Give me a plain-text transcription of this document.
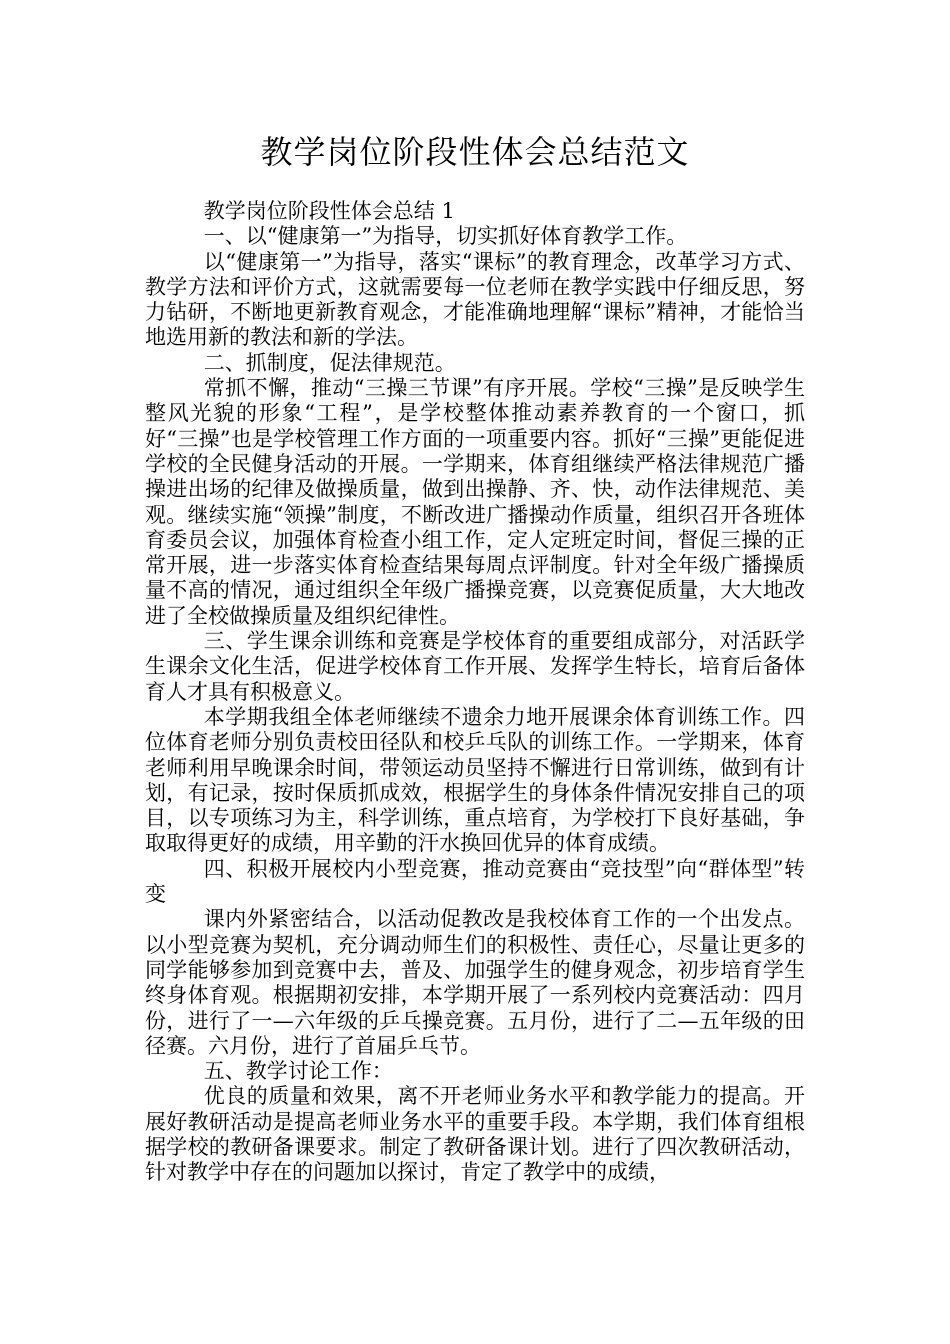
教学岗位阶段性体会总结范文

教学岗位阶段性体会总结 1

一、以“健康第一”为指导，切实抓好体育教学工作。

以“健康第一”为指导，落实“课标”的教育理念，改革学习方式、教学方法和评价方式，这就需要每一位老师在教学实践中仔细反思，努力钻研，不断地更新教育观念，才能准确地理解“课标”精神，才能恰当地选用新的教法和新的学法。

二、抓制度，促法律规范。

常抓不懈，推动“三操三节课”有序开展。学校“三操”是反映学生整风光貌的形象“工程”，是学校整体推动素养教育的一个窗口，抓好“三操”也是学校管理工作方面的一项重要内容。抓好“三操”更能促进学校的全民健身活动的开展。一学期来，体育组继续严格法律规范广播操进出场的纪律及做操质量，做到出操静、齐、快，动作法律规范、美观。继续实施“领操”制度，不断改进广播操动作质量，组织召开各班体育委员会议，加强体育检查小组工作，定人定班定时间，督促三操的正常开展，进一步落实体育检查结果每周点评制度。针对全年级广播操质量不高的情况，通过组织全年级广播操竞赛，以竞赛促质量，大大地改进了全校做操质量及组织纪律性。

三、学生课余训练和竞赛是学校体育的重要组成部分，对活跃学生课余文化生活，促进学校体育工作开展、发挥学生特长，培育后备体育人才具有积极意义。

本学期我组全体老师继续不遗余力地开展课余体育训练工作。四位体育老师分别负责校田径队和校乒乓队的训练工作。一学期来，体育老师利用早晚课余时间，带领运动员坚持不懈进行日常训练，做到有计划，有记录，按时保质抓成效，根据学生的身体条件情况安排自己的项目，以专项练习为主，科学训练，重点培育，为学校打下良好基础，争取取得更好的成绩，用辛勤的汗水换回优异的体育成绩。

四、积极开展校内小型竞赛，推动竞赛由“竞技型”向“群体型”转变

课内外紧密结合，以活动促教改是我校体育工作的一个出发点。以小型竞赛为契机，充分调动师生们的积极性、责任心，尽量让更多的同学能够参加到竞赛中去，普及、加强学生的健身观念，初步培育学生终身体育观。根据期初安排，本学期开展了一系列校内竞赛活动：四月份，进行了一—六年级的乒乓操竞赛。五月份，进行了二—五年级的田径赛。六月份，进行了首届乒乓节。

五、教学讨论工作：

优良的质量和效果，离不开老师业务水平和教学能力的提高。开展好教研活动是提高老师业务水平的重要手段。本学期，我们体育组根据学校的教研备课要求。制定了教研备课计划。进行了四次教研活动，针对教学中存在的问题加以探讨，肯定了教学中的成绩，
